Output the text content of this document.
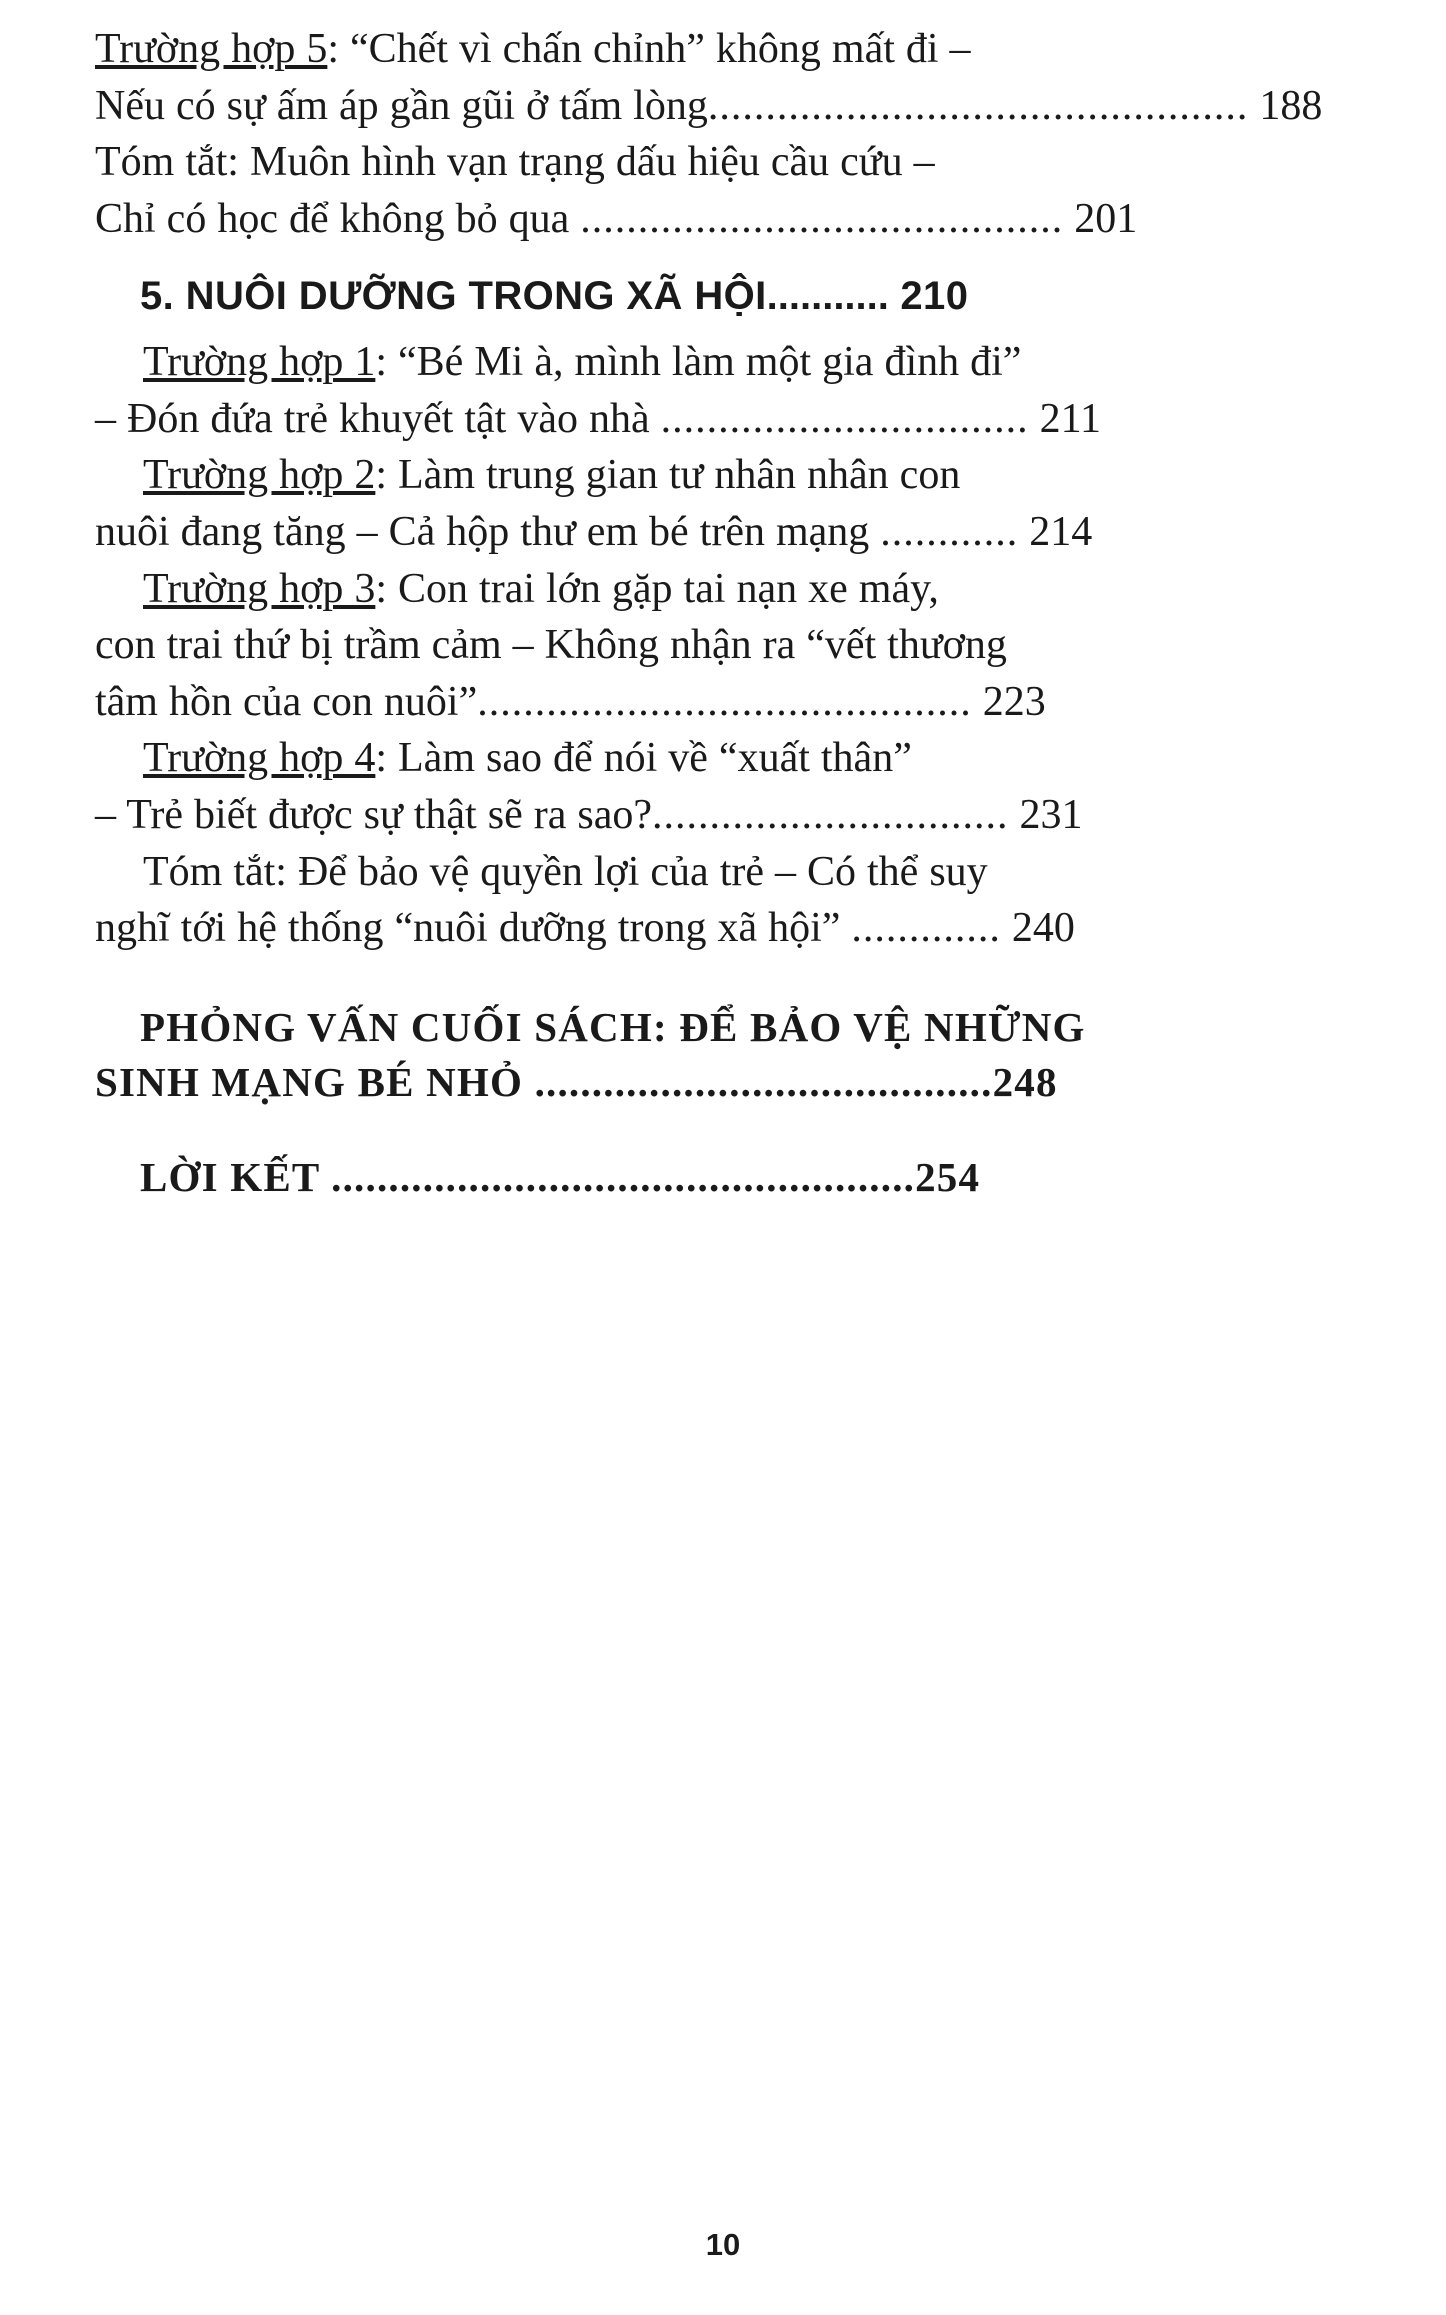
Trường hợp 5: “Chết vì chấn chỉnh” không mất đi –

Nếu có sự ấm áp gần gũi ở tấm lòng............................................... 188

Tóm tắt: Muôn hình vạn trạng dấu hiệu cầu cứu –

Chỉ có học để không bỏ qua .......................................... 201

5. NUÔI DƯỠNG TRONG XÃ HỘI........... 210

Trường hợp 1: “Bé Mi à, mình làm một gia đình đi”

– Đón đứa trẻ khuyết tật vào nhà ................................ 211

Trường hợp 2: Làm trung gian tư nhân nhân con

nuôi đang tăng – Cả hộp thư em bé trên mạng ............ 214

Trường hợp 3: Con trai lớn gặp tai nạn xe máy,

con trai thứ bị trầm cảm – Không nhận ra “vết thương

tâm hồn của con nuôi”........................................... 223

Trường hợp 4: Làm sao để nói về “xuất thân”

– Trẻ biết được sự thật sẽ ra sao?............................... 231

Tóm tắt: Để bảo vệ quyền lợi của trẻ – Có thể suy

nghĩ tới hệ thống “nuôi dưỡng trong xã hội” ............. 240

PHỎNG VẤN CUỐI SÁCH: ĐỂ BẢO VỆ NHỮNG

SINH MẠNG BÉ NHỎ ........................................248

LỜI KẾT ...................................................254

10
